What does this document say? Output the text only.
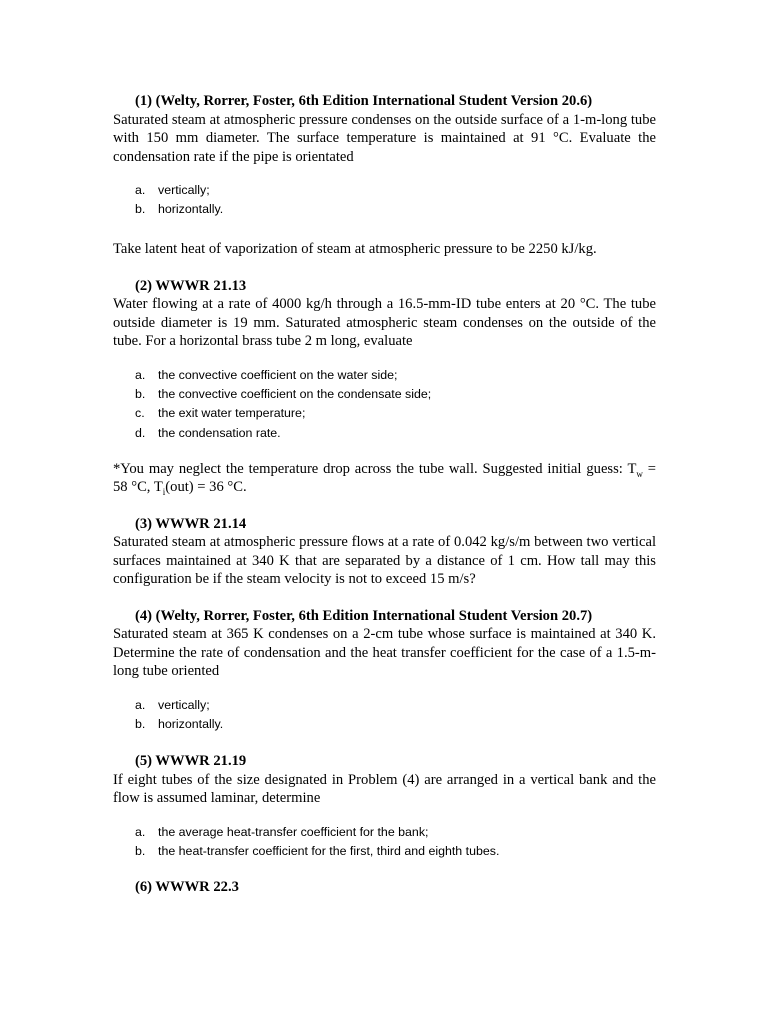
(1) (Welty, Rorrer, Foster, 6th Edition International Student Version 20.6)

Saturated steam at atmospheric pressure condenses on the outside surface of a 1-m-long tube with 150 mm diameter. The surface temperature is maintained at 91 °C. Evaluate the condensation rate if the pipe is orientated

a.	vertically;
b.	horizontally.

Take latent heat of vaporization of steam at atmospheric pressure to be 2250 kJ/kg.

(2) WWWR 21.13

Water flowing at a rate of 4000 kg/h through a 16.5-mm-ID tube enters at 20 °C. The tube outside diameter is 19 mm. Saturated atmospheric steam condenses on the outside of the tube. For a horizontal brass tube 2 m long, evaluate

a.	the convective coefficient on the water side;
b.	the convective coefficient on the condensate side;
c.	the exit water temperature;
d.	the condensation rate.

*You may neglect the temperature drop across the tube wall. Suggested initial guess: $T_w = 58$ °C, $T_i(out) = 36$ °C.

(3) WWWR 21.14

Saturated steam at atmospheric pressure flows at a rate of 0.042 kg/s/m between two vertical surfaces maintained at 340 K that are separated by a distance of 1 cm. How tall may this configuration be if the steam velocity is not to exceed 15 m/s?

(4) (Welty, Rorrer, Foster, 6th Edition International Student Version 20.7)

Saturated steam at 365 K condenses on a 2-cm tube whose surface is maintained at 340 K. Determine the rate of condensation and the heat transfer coefficient for the case of a 1.5-m-long tube oriented

a.	vertically;
b.	horizontally.

(5) WWWR 21.19

If eight tubes of the size designated in Problem (4) are arranged in a vertical bank and the flow is assumed laminar, determine

a.	the average heat-transfer coefficient for the bank;
b.	the heat-transfer coefficient for the first, third and eighth tubes.

(6) WWWR 22.3
